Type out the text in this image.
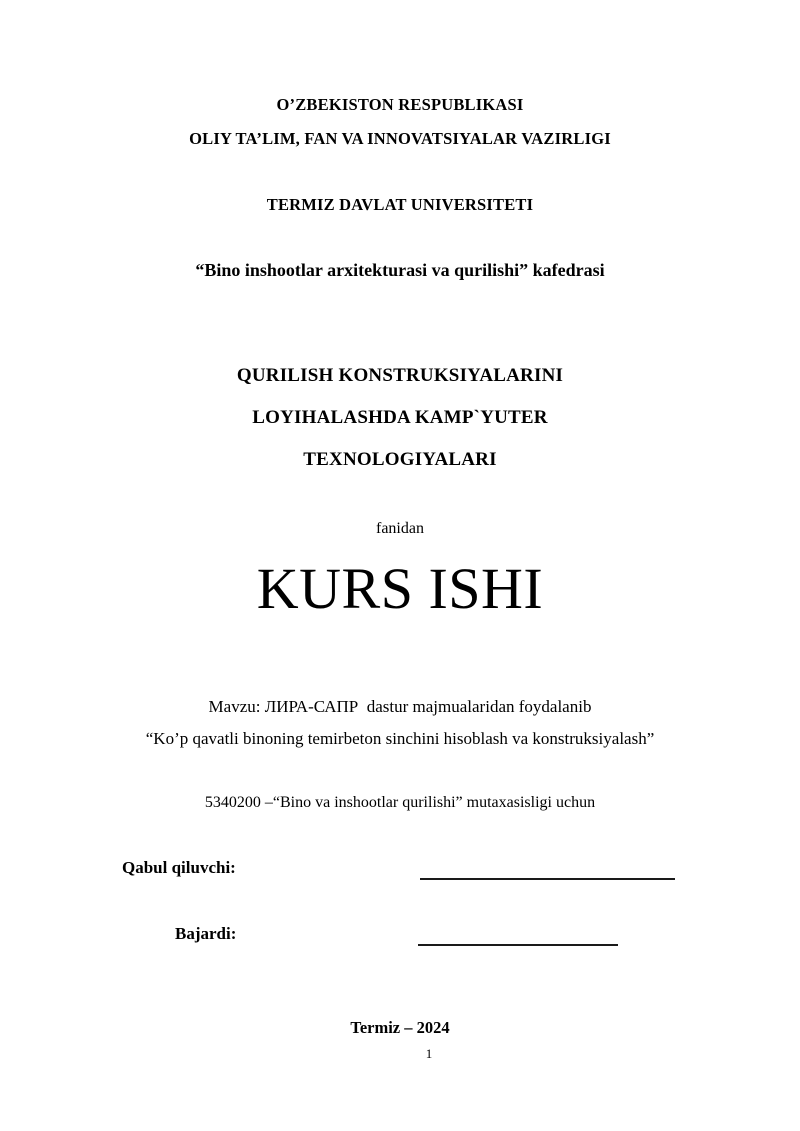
O’ZBEKISTON RESPUBLIKASI
OLIY TA’LIM, FAN VA INNOVATSIYALAR VAZIRLIGI
TERMIZ DAVLAT UNIVERSITETI
“Bino inshootlar arxitekturasi va qurilishi” kafedrasi
QURILISH KONSTRUKSIYALARINI
LOYIHALASHDA KAMP`YUTER
TEXNOLOGIYALARI
fanidan
KURS ISHI
Mavzu: ЛИРА-САПР  dastur majmualaridan foydalanib
“Ko’p qavatli binoning temirbeton sinchini hisoblash va konstruksiyalash”
5340200 –“Bino va inshootlar qurilishi” mutaxasisligi uchun
Qabul qiluvchi:
Bajardi:
Termiz – 2024
1
